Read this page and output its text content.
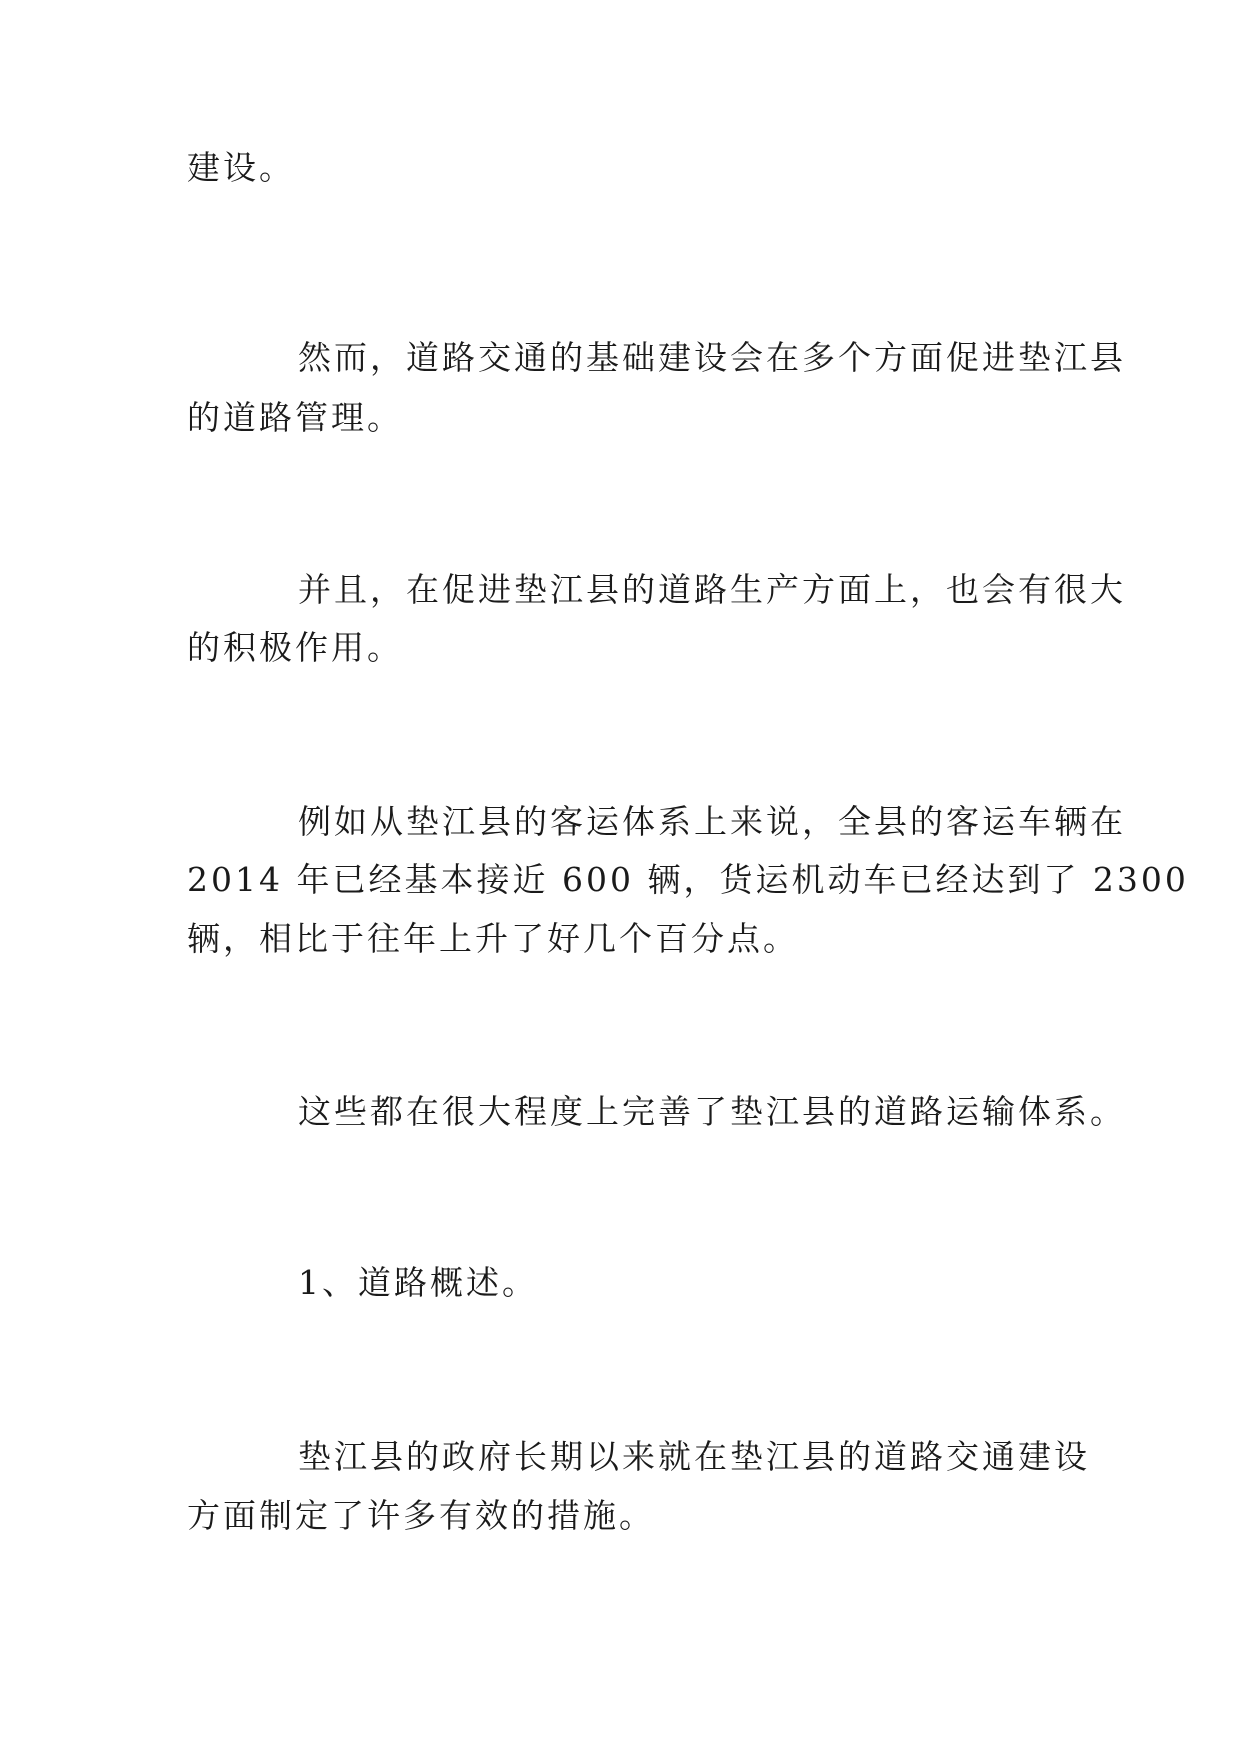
建设。

然而，道路交通的基础建设会在多个方面促进垫江县

的道路管理。

并且，在促进垫江县的道路生产方面上，也会有很大

的积极作用。

例如从垫江县的客运体系上来说，全县的客运车辆在

2014 年已经基本接近 600 辆，货运机动车已经达到了 2300

辆，相比于往年上升了好几个百分点。

这些都在很大程度上完善了垫江县的道路运输体系。

1、道路概述。

垫江县的政府长期以来就在垫江县的道路交通建设

方面制定了许多有效的措施。
